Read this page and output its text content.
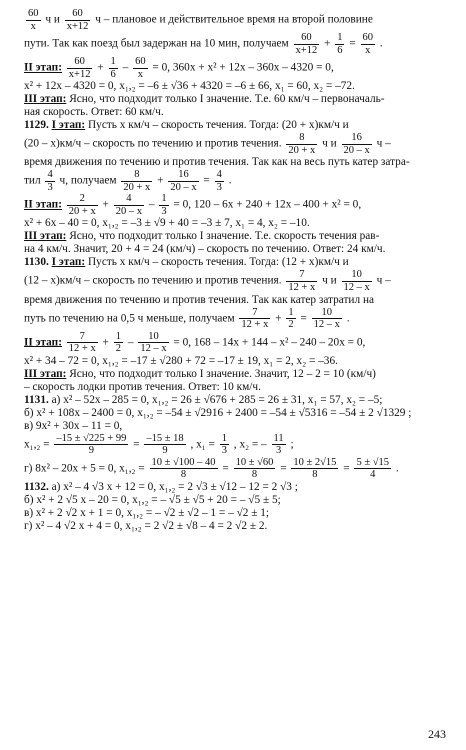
$\frac{60}{x}$ ч и $\frac{60}{x+12}$ ч – плановое и действительное время на второй половине
пути. Так как поезд был задержан на 10 мин, получаем $\frac{60}{x+12} + \frac{1}{6} = \frac{60}{x}$ .
II этап: $\frac{60}{x+12} + \frac{1}{6} - \frac{60}{x} = 0$, 360x + x² + 12x – 360x – 4320 = 0,
x² + 12x – 4320 = 0, x₁,₂ = –6 ± √36 + 4320 = –6 ± 66, x₁ = 60, x₂ = –72.
III этап: Ясно, что подходит только I значение. Т.е. 60 км/ч – первоначаль-
ная скорость. Ответ: 60 км/ч.
1129. I этап: Пусть x км/ч – скорость течения. Тогда: (20 + x)км/ч и
(20 – x)км/ч – скорость по течению и против течения. $\frac{8}{20 + x}$ ч и $\frac{16}{20 - x}$ ч –
время движения по течению и против течения. Так как на весь путь катер затра-
тил $\frac{4}{3} ч$, получаем $\frac{8}{20 + x} + \frac{16}{20 - x} = \frac{4}{3}$ .
II этап: $\frac{2}{20 + x} + \frac{4}{20 - x} - \frac{1}{3} = 0$, 120 – 6x + 240 + 12x – 400 + x² = 0,
x² + 6x – 40 = 0, x₁,₂ = –3 ± √9 + 40 = –3 ± 7, x₁ = 4, x₂ = –10.
III этап: Ясно, что подходит только I значение. Т.е. скорость течения рав-
на 4 км/ч. Значит, 20 + 4 = 24 (км/ч) – скорость по течению. Ответ: 24 км/ч.
1130. I этап: Пусть x км/ч – скорость течения. Тогда: (12 + x)км/ч и
(12 – x)км/ч – скорость по течению и против течения. $\frac{7}{12 + x}$ ч и $\frac{10}{12 - x}$ ч –
время движения по течению и против течения. Так как катер затратил на
путь по течению на 0,5 ч меньше, получаем $\frac{7}{12 + x} + \frac{1}{2} = \frac{10}{12 - x}$ .
II этап: $\frac{7}{12 + x} + \frac{1}{2} - \frac{10}{12 - x} = 0$, 168 – 14x + 144 – x² – 240 – 20x = 0,
x² + 34 – 72 = 0, x₁,₂ = –17 ± √280 + 72 = –17 ± 19, x₁ = 2, x₂ = –36.
III этап: Ясно, что подходит только I значение. Значит, 12 – 2 = 10 (км/ч)
– скорость лодки против течения. Ответ: 10 км/ч.
1131. а) x² – 52x – 285 = 0, x₁,₂ = 26 ± √676 + 285 = 26 ± 31, x₁ = 57, x₂ = –5;
б) x² + 108x – 2400 = 0, x₁,₂ = –54 ± √2916 + 2400 = –54 ± √5316 = –54 ± 2 √1329 ;
в) 9x² + 30x – 11 = 0,
$x_1,_2 = \frac{-15 \pm √225 + 99}{9} = \frac{-15 \pm 18}{9}$ , $x_1 = \frac{1}{3}$ , x₂ = – $\frac{11}{3}$ ;
г) 8x² – 20x + 5 = 0, $x_1,_2 = \frac{10 \pm √100 - 40}{8} = \frac{10 \pm √60}{8} = \frac{10 \pm 2√15}{8} = \frac{5 \pm √15}{4}$ .
1132. а) x² – 4 √3 x + 12 = 0, x₁,₂ = 2 √3 ± √12 – 12 = 2 √3 ;
б) x² + 2 √5 x – 20 = 0, x₁,₂ = – √5 ± √5 + 20 = – √5 ± 5;
в) x² + 2 √2 x + 1 = 0, x₁,₂ = – √2 ± √2 – 1 = – √2 ± 1;
г) x² – 4 √2 x + 4 = 0, x₁,₂ = 2 √2 ± √8 – 4 = 2 √2 ± 2.
243
